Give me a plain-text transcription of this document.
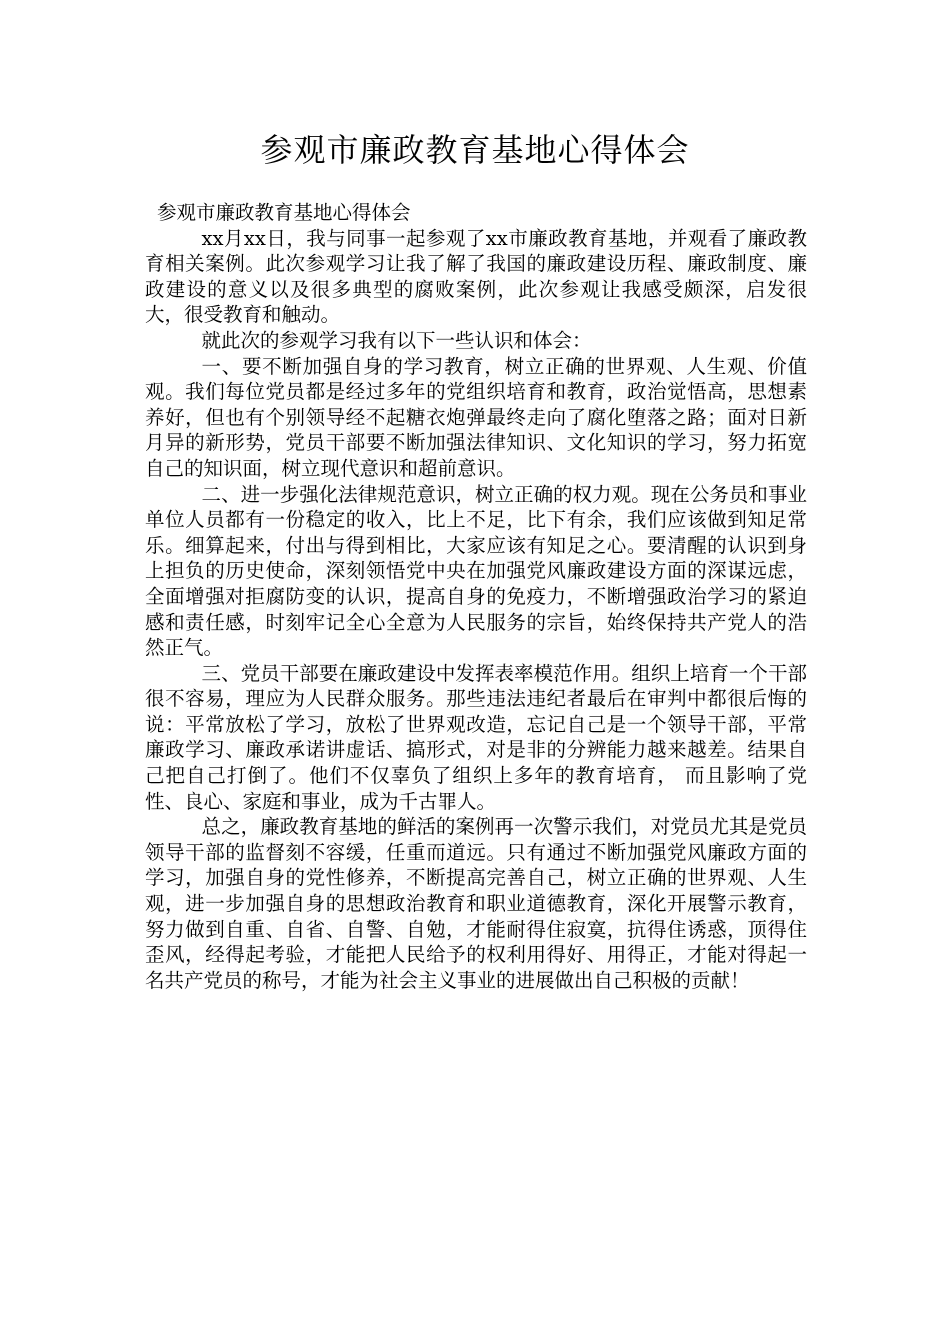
参观市廉政教育基地心得体会

参观市廉政教育基地心得体会

xx月xx日，我与同事一起参观了xx市廉政教育基地，并观看了廉政教育相关案例。此次参观学习让我了解了我国的廉政建设历程、廉政制度、廉政建设的意义以及很多典型的腐败案例，此次参观让我感受颇深，启发很大，很受教育和触动。

就此次的参观学习我有以下一些认识和体会：

一、要不断加强自身的学习教育，树立正确的世界观、人生观、价值观。我们每位党员都是经过多年的党组织培育和教育，政治觉悟高，思想素养好，但也有个别领导经不起糖衣炮弹最终走向了腐化堕落之路；面对日新月异的新形势，党员干部要不断加强法律知识、文化知识的学习，努力拓宽自己的知识面，树立现代意识和超前意识。

二、进一步强化法律规范意识，树立正确的权力观。现在公务员和事业单位人员都有一份稳定的收入，比上不足，比下有余，我们应该做到知足常乐。细算起来，付出与得到相比，大家应该有知足之心。要清醒的认识到身上担负的历史使命，深刻领悟党中央在加强党风廉政建设方面的深谋远虑，全面增强对拒腐防变的认识，提高自身的免疫力，不断增强政治学习的紧迫感和责任感，时刻牢记全心全意为人民服务的宗旨，始终保持共产党人的浩然正气。

三、党员干部要在廉政建设中发挥表率模范作用。组织上培育一个干部很不容易，理应为人民群众服务。那些违法违纪者最后在审判中都很后悔的说：平常放松了学习，放松了世界观改造，忘记自己是一个领导干部，平常廉政学习、廉政承诺讲虚话、搞形式，对是非的分辨能力越来越差。结果自己把自己打倒了。他们不仅辜负了组织上多年的教育培育， 而且影响了党性、良心、家庭和事业，成为千古罪人。

总之，廉政教育基地的鲜活的案例再一次警示我们，对党员尤其是党员领导干部的监督刻不容缓，任重而道远。只有通过不断加强党风廉政方面的学习，加强自身的党性修养，不断提高完善自己，树立正确的世界观、人生观，进一步加强自身的思想政治教育和职业道德教育，深化开展警示教育，努力做到自重、自省、自警、自勉，才能耐得住寂寞，抗得住诱惑，顶得住歪风，经得起考验，才能把人民给予的权利用得好、用得正，才能对得起一名共产党员的称号，才能为社会主义事业的进展做出自己积极的贡献！
